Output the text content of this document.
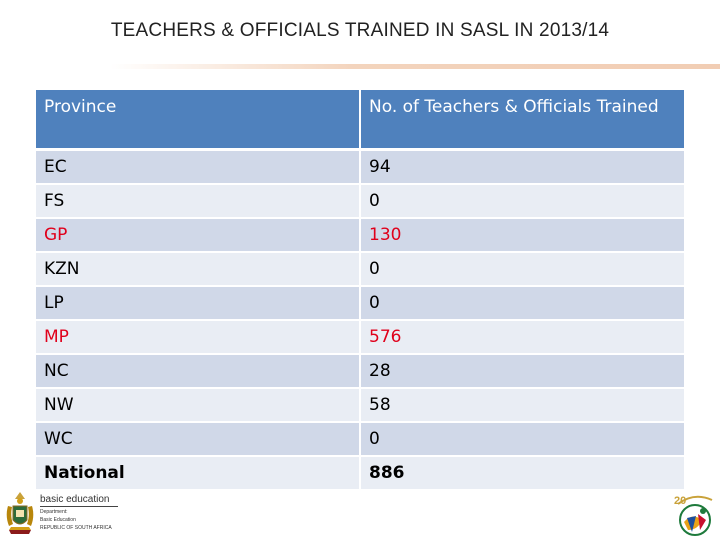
TEACHERS & OFFICIALS TRAINED IN SASL IN 2013/14
Province	No. of Teachers & Officials Trained
EC	94
FS	0
GP	130
KZN	0
LP	0
MP	576
NC	28
NW	58
WC	0
National	886
basic education
Department:
Basic Education
REPUBLIC OF SOUTH AFRICA
20
